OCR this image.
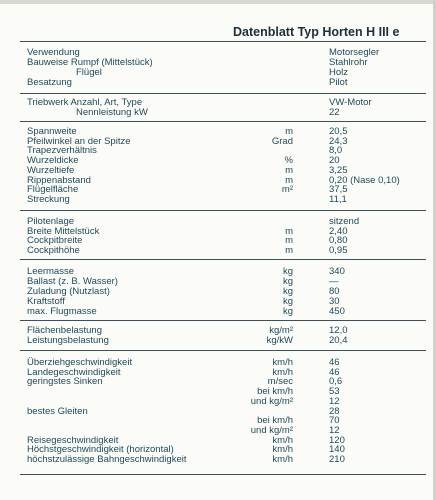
Datenblatt Typ Horten H III e
Verwendung	Motorsegler
Bauweise Rumpf (Mittelstück)	Stahlrohr
Flügel	Holz
Besatzung	Pilot
Triebwerk Anzahl, Art, Type	VW-Motor
Nennleistung kW	22
Spannweite	m	20,5
Pfeilwinkel an der Spitze	Grad	24,3
Trapezverhältnis	8,0
Wurzeldicke	%	20
Wurzeltiefe	m	3,25
Rippenabstand	m	0,20 (Nase 0,10)
Flügelfläche	m²	37,5
Streckung	11,1
Pilotenlage	sitzend
Breite Mittelstück	m	2,40
Cockpitbreite	m	0,80
Cockpithöhe	m	0,95
Leermasse	kg	340
Ballast (z. B. Wasser)	kg	—
Zuladung (Nutzlast)	kg	80
Kraftstoff	kg	30
max. Flugmasse	kg	450
Flächenbelastung	kg/m²	12,0
Leistungsbelastung	kg/kW	20,4
Überziehgeschwindigkeit	km/h	46
Landegeschwindigkeit	km/h	46
geringstes Sinken	m/sec	0,6
bei km/h	53
und kg/m²	12
bestes Gleiten	28
bei km/h	70
und kg/m²	12
Reisegeschwindigkeit	km/h	120
Höchstgeschwindigkeit (horizontal)	km/h	140
höchstzulässige Bahngeschwindigkeit	km/h	210
